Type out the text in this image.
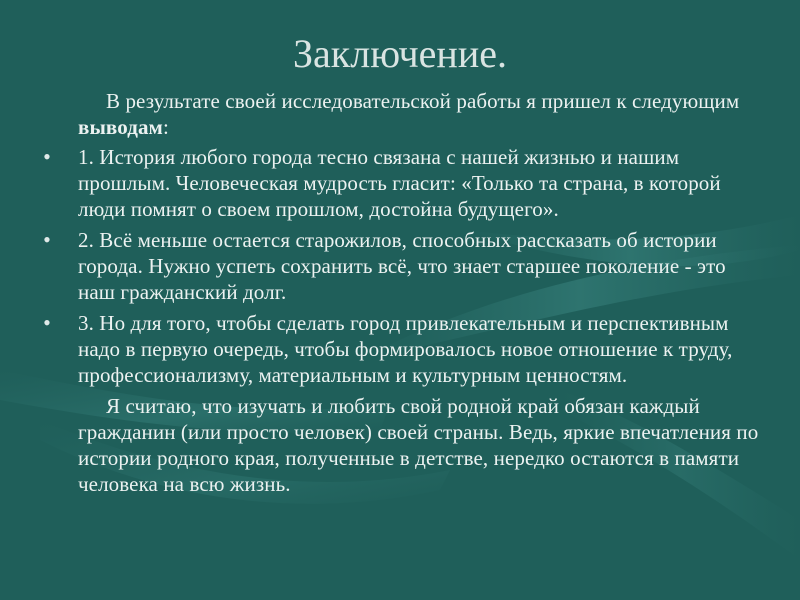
Заключение.

В результате своей исследовательской работы я пришел к следующим выводам:

• 1. История любого города тесно связана с нашей жизнью и нашим прошлым. Человеческая мудрость гласит: «Только та страна, в которой люди помнят о своем прошлом, достойна будущего».
• 2. Всё меньше остается старожилов, способных рассказать об истории города. Нужно успеть сохранить всё, что знает старшее поколение - это наш гражданский долг.
• 3. Но для того, чтобы сделать город привлекательным и перспективным надо в первую очередь, чтобы формировалось новое отношение к труду, профессионализму, материальным и культурным ценностям.

Я считаю, что изучать и любить свой родной край обязан каждый гражданин (или просто человек) своей страны. Ведь, яркие впечатления по истории родного края, полученные в детстве, нередко остаются в памяти человека на всю жизнь.
